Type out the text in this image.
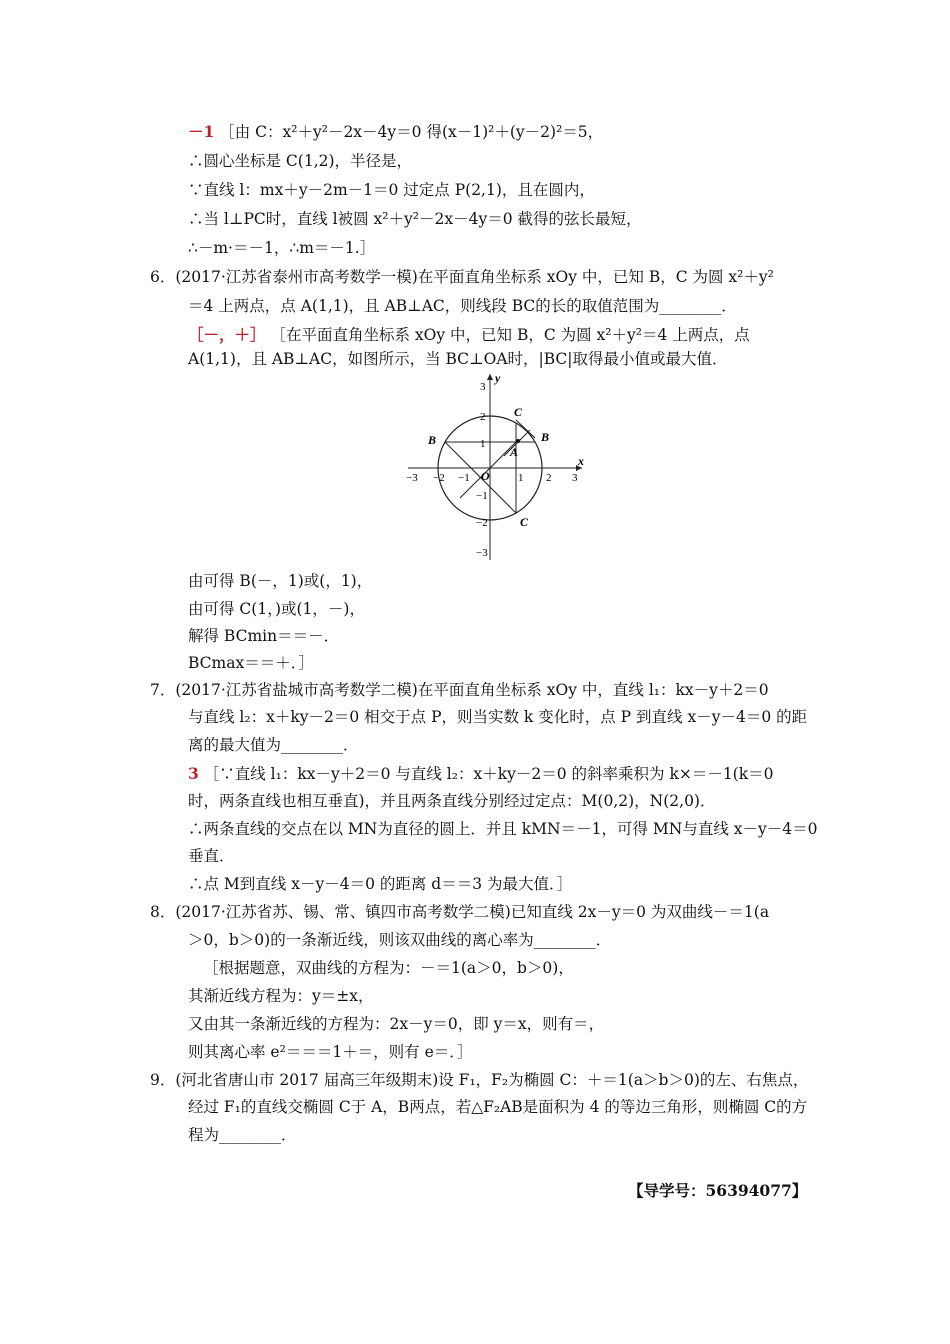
－1 ［由 C：x²＋y²－2x－4y＝0 得(x－1)²＋(y－2)²＝5，
∴圆心坐标是 C(1,2)，半径是，
∵直线 l：mx＋y－2m－1＝0 过定点 P(2,1)，且在圆内，
∴当 l⊥PC时，直线 l被圆 x²＋y²－2x－4y＝0 截得的弦长最短，
∴－m·＝－1，∴m＝－1.］
6．(2017·江苏省泰州市高考数学一模)在平面直角坐标系 xOy 中，已知 B，C 为圆 x²＋y²
＝4 上两点，点 A(1,1)，且 AB⊥AC，则线段 BC的长的取值范围为________．
［－，＋］ ［在平面直角坐标系 xOy 中，已知 B，C 为圆 x²＋y²＝4 上两点，点
A(1,1)，且 AB⊥AC，如图所示，当 BC⊥OA时，|BC|取得最小值或最大值．
x
y
O
−3 −2 −1	1 2 3
3
2
1
−1
−2
−3
B	B
C
C
A
由可得 B(－，1)或(，1)，
由可得 C(1，)或(1，－)，
解得 BCmin＝＝－．
BCmax＝＝＋．］
7．(2017·江苏省盐城市高考数学二模)在平面直角坐标系 xOy 中，直线 l₁：kx－y＋2＝0
与直线 l₂：x＋ky－2＝0 相交于点 P，则当实数 k 变化时，点 P 到直线 x－y－4＝0 的距
离的最大值为________．
3 ［∵直线 l₁：kx－y＋2＝0 与直线 l₂：x＋ky－2＝0 的斜率乘积为 k×＝－1(k＝0
时，两条直线也相互垂直)，并且两条直线分别经过定点：M(0,2)，N(2,0)．
∴两条直线的交点在以 MN为直径的圆上．并且 kMN＝－1，可得 MN与直线 x－y－4＝0
垂直．
∴点 M到直线 x－y－4＝0 的距离 d＝＝3 为最大值．］
8．(2017·江苏省苏、锡、常、镇四市高考数学二模)已知直线 2x－y＝0 为双曲线－＝1(a
＞0，b＞0)的一条渐近线，则该双曲线的离心率为________．
［根据题意，双曲线的方程为：－＝1(a＞0，b＞0)，
其渐近线方程为：y＝±x，
又由其一条渐近线的方程为：2x－y＝0，即 y＝x，则有＝，
则其离心率 e²＝＝＝1＋＝，则有 e＝．］
9．(河北省唐山市 2017 届高三年级期末)设 F₁，F₂为椭圆 C：＋＝1(a＞b＞0)的左、右焦点，
经过 F₁的直线交椭圆 C于 A，B两点，若△F₂AB是面积为 4 的等边三角形，则椭圆 C的方
程为________．
【导学号：56394077】
